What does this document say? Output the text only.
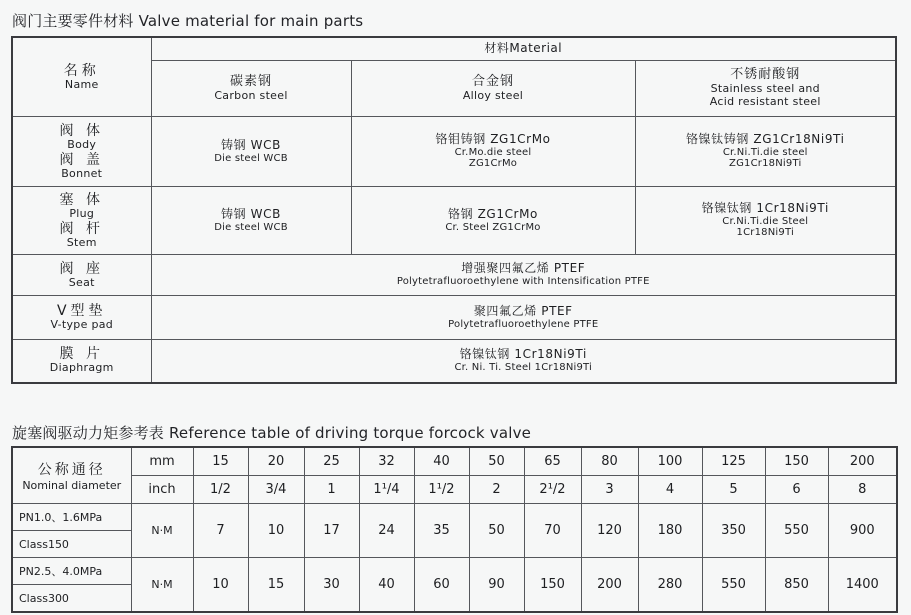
阀门主要零件材料 Valve material for main parts
名称
Name	材料Material		

	碳素钢
Carbon steel	合金钢
Alloy steel	不锈耐酸钢
Stainless steel and
Acid resistant steel

阀 体
Body
阀 盖
Bonnet	铸钢 WCB
Die steel WCB	铬钼铸钢 ZG1CrMo
Cr.Mo.die steel
ZG1CrMo	铬镍钛铸钢 ZG1Cr18Ni9Ti
Cr.Ni.Ti.die steel
ZG1Cr18Ni9Ti

塞 体
Plug
阀 杆
Stem	铸钢 WCB
Die steel WCB	铬钢 ZG1CrMo
Cr. Steel ZG1CrMo	铬镍钛钢 1Cr18Ni9Ti
Cr.Ni.Ti.die Steel
1Cr18Ni9Ti

阀 座
Seat	增强聚四氟乙烯 PTEF
Polytetrafluoroethylene with Intensification PTFE		

V型垫
V-type pad	聚四氟乙烯 PTEF
Polytetrafluoroethylene PTFE		

膜 片
Diaphragm	铬镍钛钢 1Cr18Ni9Ti
Cr. Ni. Ti. Steel 1Cr18Ni9Ti		
旋塞阀驱动力矩参考表 Reference table of driving torque forcock valve
公称通径
Nominal diameter	mm	15	20	25	32	40	50	65	80	100	125	150	200
	inch	1/2	3/4	1	1¹/4	1¹/2	2	2¹/2	3	4	5	6	8
PN1.0、1.6MPa	N·M	7	10	17	24	35	50	70	120	180	350	550	900
Class150													
PN2.5、4.0MPa	N·M	10	15	30	40	60	90	150	200	280	550	850	1400
Class300													
